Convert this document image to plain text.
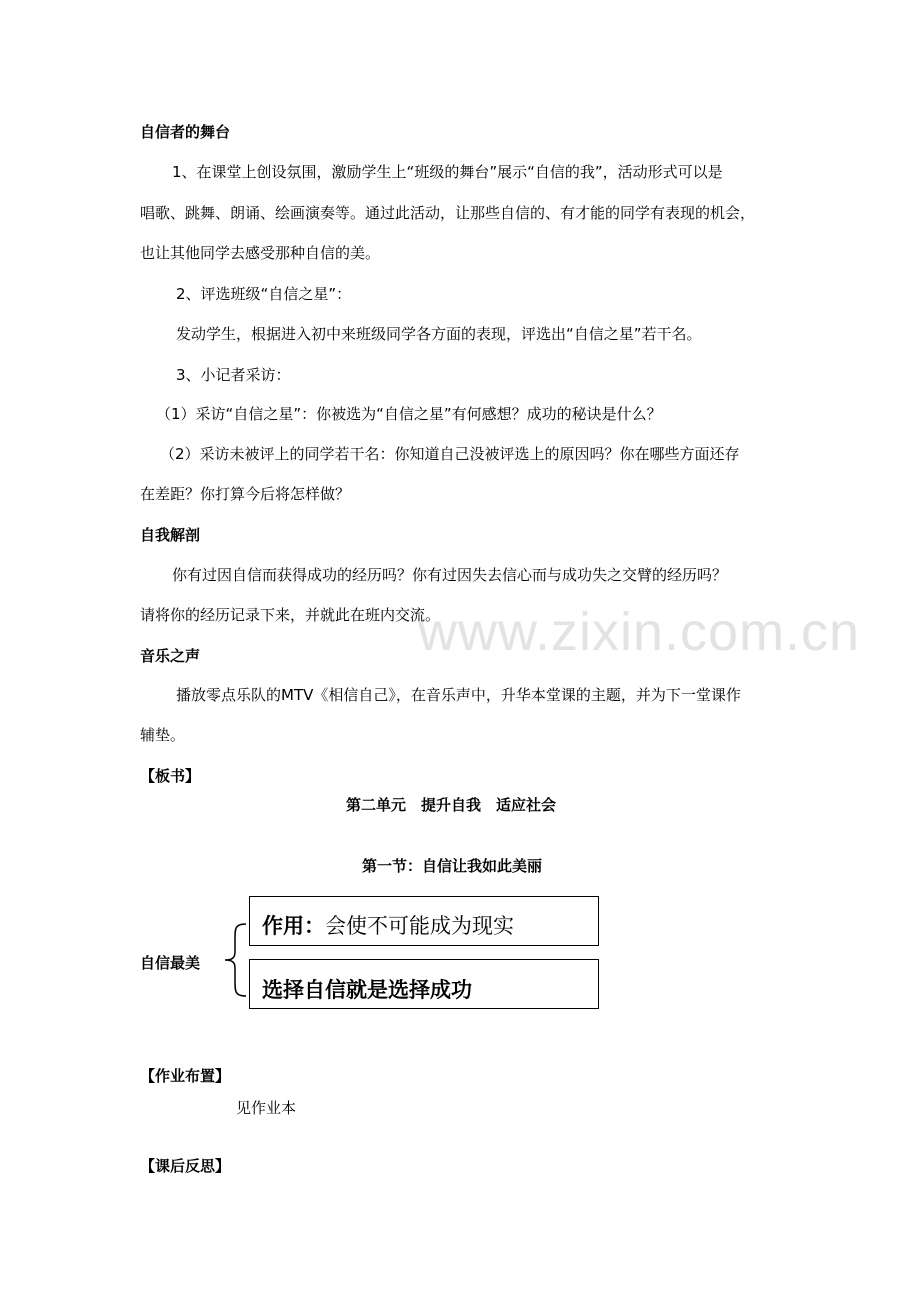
www.zixin.com.cn
自信者的舞台
1、在课堂上创设氛围，激励学生上“班级的舞台”展示“自信的我”，活动形式可以是
唱歌、跳舞、朗诵、绘画演奏等。通过此活动，让那些自信的、有才能的同学有表现的机会，
也让其他同学去感受那种自信的美。
2、评选班级“自信之星”：
发动学生，根据进入初中来班级同学各方面的表现，评选出“自信之星”若干名。
3、小记者采访：
（1）采访“自信之星”：你被选为“自信之星”有何感想？成功的秘诀是什么？
（2）采访未被评上的同学若干名：你知道自己没被评选上的原因吗？你在哪些方面还存
在差距？你打算今后将怎样做？
自我解剖
你有过因自信而获得成功的经历吗？你有过因失去信心而与成功失之交臂的经历吗？
请将你的经历记录下来，并就此在班内交流。
音乐之声
播放零点乐队的MTV《相信自己》，在音乐声中，升华本堂课的主题，并为下一堂课作
辅垫。
【板书】
第二单元　提升自我　适应社会
第一节：自信让我如此美丽
自信最美
作用：会使不可能成为现实
选择自信就是选择成功
【作业布置】
见作业本
【课后反思】
